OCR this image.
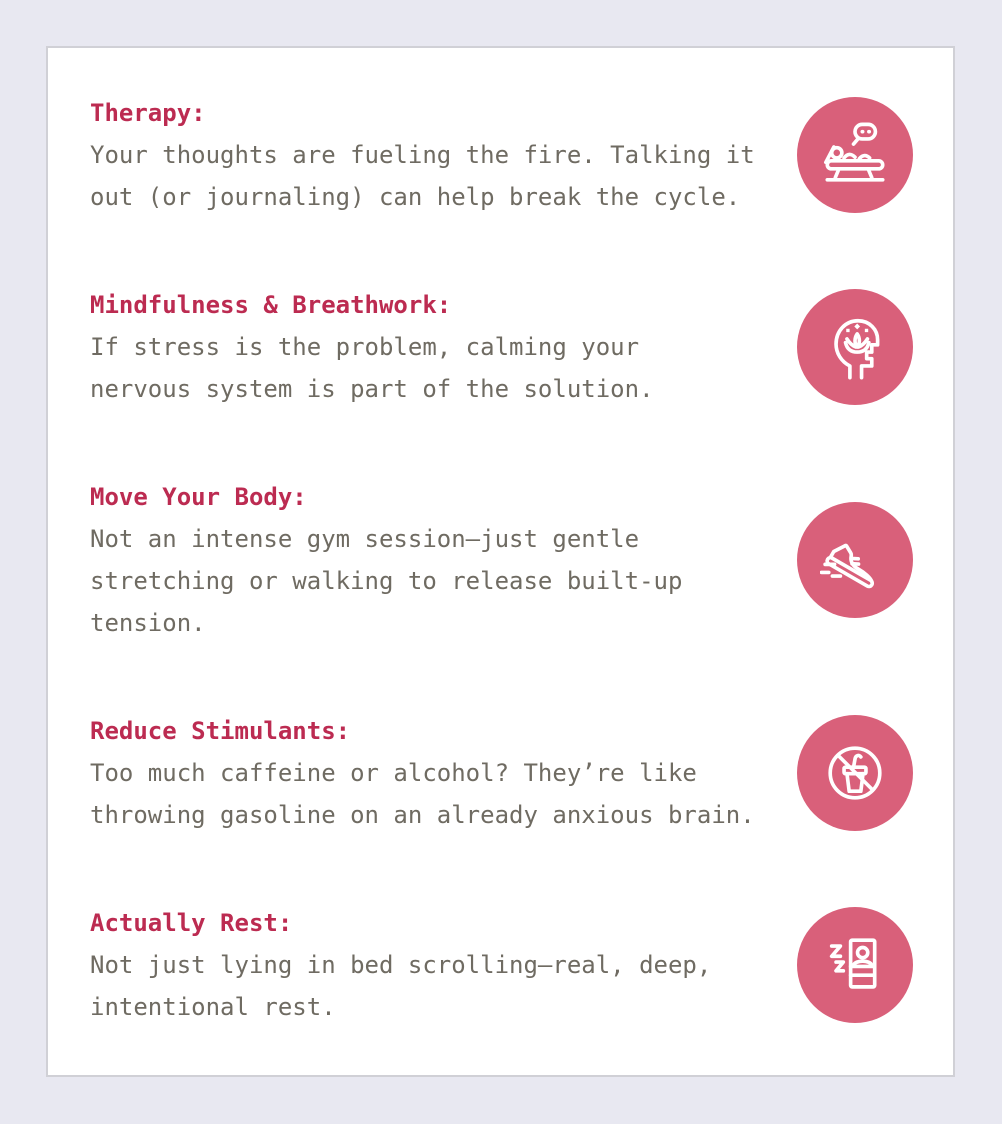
Therapy:
Your thoughts are fueling the fire. Talking it
out (or journaling) can help break the cycle.
Mindfulness & Breathwork:
If stress is the problem, calming your
nervous system is part of the solution.
Move Your Body:
Not an intense gym session—just gentle
stretching or walking to release built-up
tension.
Reduce Stimulants:
Too much caffeine or alcohol? They’re like
throwing gasoline on an already anxious brain.
Actually Rest:
Not just lying in bed scrolling—real, deep,
intentional rest.
